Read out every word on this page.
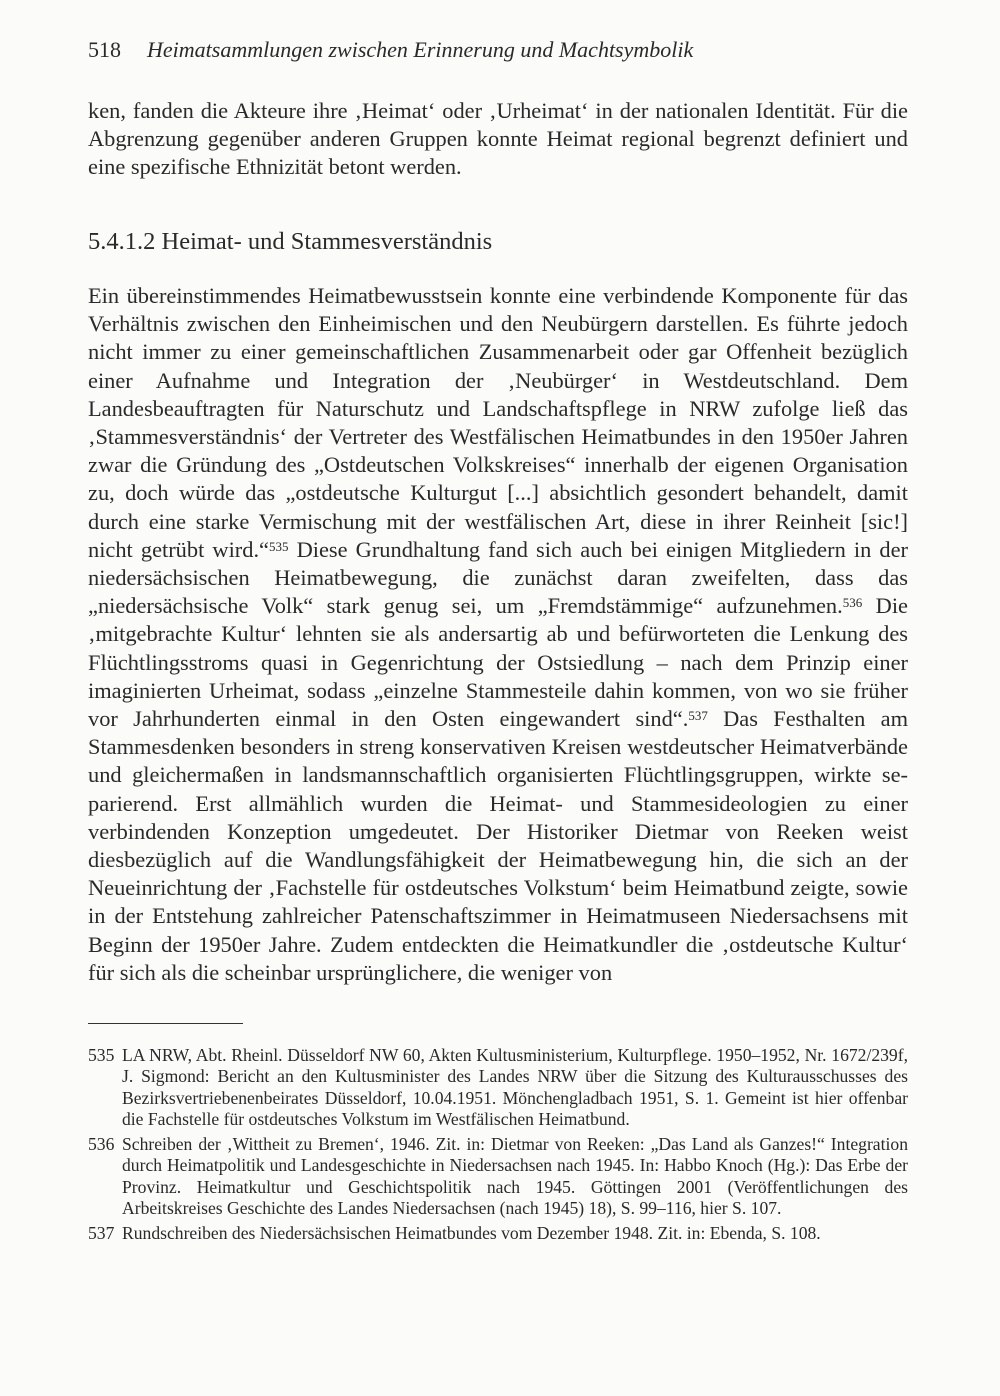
518 Heimatsammlungen zwischen Erinnerung und Machtsymbolik

ken, fanden die Akteure ihre ‚Heimat‘ oder ‚Urheimat‘ in der nationalen Identität. Für die Abgrenzung gegenüber anderen Gruppen konnte Heimat regional begrenzt definiert und eine spezifische Ethnizität betont werden.

5.4.1.2 Heimat- und Stammesverständnis

Ein übereinstimmendes Heimatbewusstsein konnte eine verbindende Komponente für das Verhältnis zwischen den Einheimischen und den Neubürgern darstellen. Es führte jedoch nicht immer zu einer gemeinschaftlichen Zusammenarbeit oder gar Offenheit bezüglich einer Aufnahme und Integration der ‚Neubürger‘ in Westdeutschland. Dem Landesbeauftragten für Naturschutz und Landschaftspflege in NRW zufolge ließ das ‚Stammesverständnis‘ der Vertreter des Westfälischen Heimatbundes in den 1950er Jahren zwar die Gründung des „Ostdeutschen Volkskreises“ innerhalb der eigenen Organisation zu, doch würde das „ostdeutsche Kulturgut [...] absichtlich gesondert behandelt, damit durch eine starke Vermischung mit der westfälischen Art, diese in ihrer Reinheit [sic!] nicht getrübt wird.“$^{535}$ Diese Grundhaltung fand sich auch bei einigen Mitgliedern in der niedersächsischen Heimatbewegung, die zunächst daran zweifelten, dass das „niedersächsische Volk“ stark genug sei, um „Fremdstämmige“ aufzunehmen.$^{536}$ Die ‚mitgebrachte Kultur‘ lehnten sie als andersartig ab und befürworteten die Lenkung des Flüchtlingsstroms quasi in Gegenrichtung der Ostsiedlung – nach dem Prinzip einer imaginierten Urheimat, sodass „einzelne Stammesteile dahin kommen, von wo sie früher vor Jahrhunderten einmal in den Osten eingewandert sind“.$^{537}$ Das Festhalten am Stammesdenken besonders in streng konservativen Kreisen westdeutscher Heimatverbände und gleichermaßen in landsmannschaftlich organisierten Flüchtlingsgruppen, wirkte separierend. Erst allmählich wurden die Heimat- und Stammesideologien zu einer verbindenden Konzeption umgedeutet. Der Historiker Dietmar von Reeken weist diesbezüglich auf die Wandlungsfähigkeit der Heimatbewegung hin, die sich an der Neueinrichtung der ‚Fachstelle für ostdeutsches Volkstum‘ beim Heimatbund zeigte, sowie in der Entstehung zahlreicher Patenschaftszimmer in Heimatmuseen Niedersachsens mit Beginn der 1950er Jahre. Zudem entdeckten die Heimatkundler die ‚ostdeutsche Kultur‘ für sich als die scheinbar ursprünglichere, die weniger von

535 LA NRW, Abt. Rheinl. Düsseldorf NW 60, Akten Kultusministerium, Kulturpflege. 1950–1952, Nr. 1672/239f, J. Sigmond: Bericht an den Kultusminister des Landes NRW über die Sitzung des Kulturausschusses des Bezirksvertriebenenbeirates Düsseldorf, 10.04.1951. Mönchengladbach 1951, S. 1. Gemeint ist hier offenbar die Fachstelle für ostdeutsches Volkstum im Westfälischen Heimatbund.
536 Schreiben der ‚Wittheit zu Bremen‘, 1946. Zit. in: Dietmar von Reeken: „Das Land als Ganzes!“ Integration durch Heimatpolitik und Landesgeschichte in Niedersachsen nach 1945. In: Habbo Knoch (Hg.): Das Erbe der Provinz. Heimatkultur und Geschichtspolitik nach 1945. Göttingen 2001 (Veröffentlichungen des Arbeitskreises Geschichte des Landes Niedersachsen (nach 1945) 18), S. 99–116, hier S. 107.
537 Rundschreiben des Niedersächsischen Heimatbundes vom Dezember 1948. Zit. in: Ebenda, S. 108.
